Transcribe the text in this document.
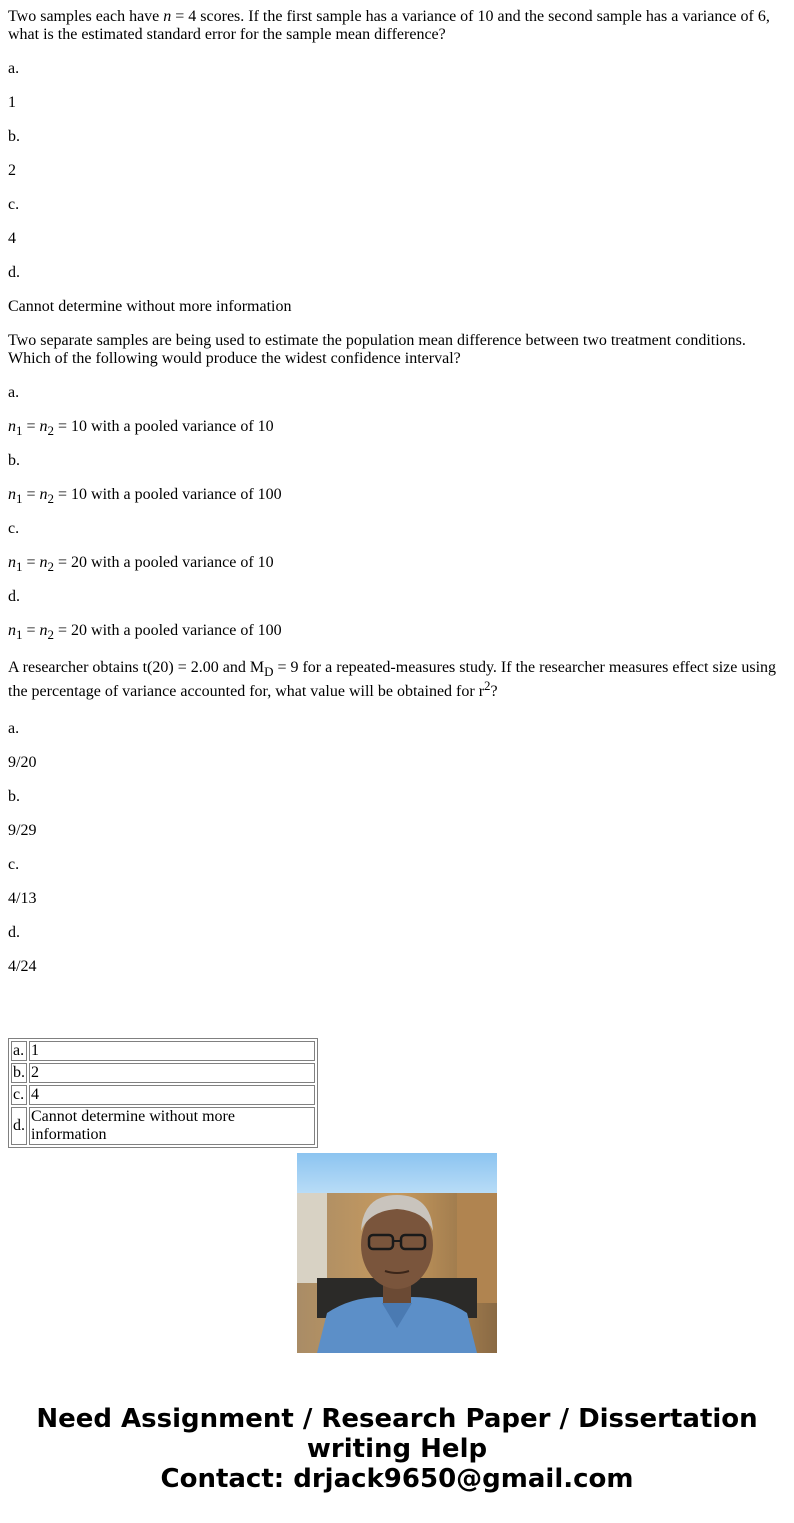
Two samples each have n = 4 scores. If the first sample has a variance of 10 and the second sample has a variance of 6, what is the estimated standard error for the sample mean difference?

a.

1

b.

2

c.

4

d.

Cannot determine without more information

Two separate samples are being used to estimate the population mean difference between two treatment conditions. Which of the following would produce the widest confidence interval?

a.

$n_1 = n_2 = 10$ with a pooled variance of 10

b.

$n_1 = n_2 = 10$ with a pooled variance of 100

c.

$n_1 = n_2 = 20$ with a pooled variance of 10

d.

$n_1 = n_2 = 20$ with a pooled variance of 100

A researcher obtains t(20) = 2.00 and $M_D = 9$ for a repeated-measures study. If the researcher measures effect size using the percentage of variance accounted for, what value will be obtained for $r^2$?

a.

9/20

b.

9/29

c.

4/13

d.

4/24

a.	1
b.	2
c.	4
d.	Cannot determine without more information
Need Assignment / Research Paper / Dissertation
writing Help
Contact: drjack9650@gmail.com
